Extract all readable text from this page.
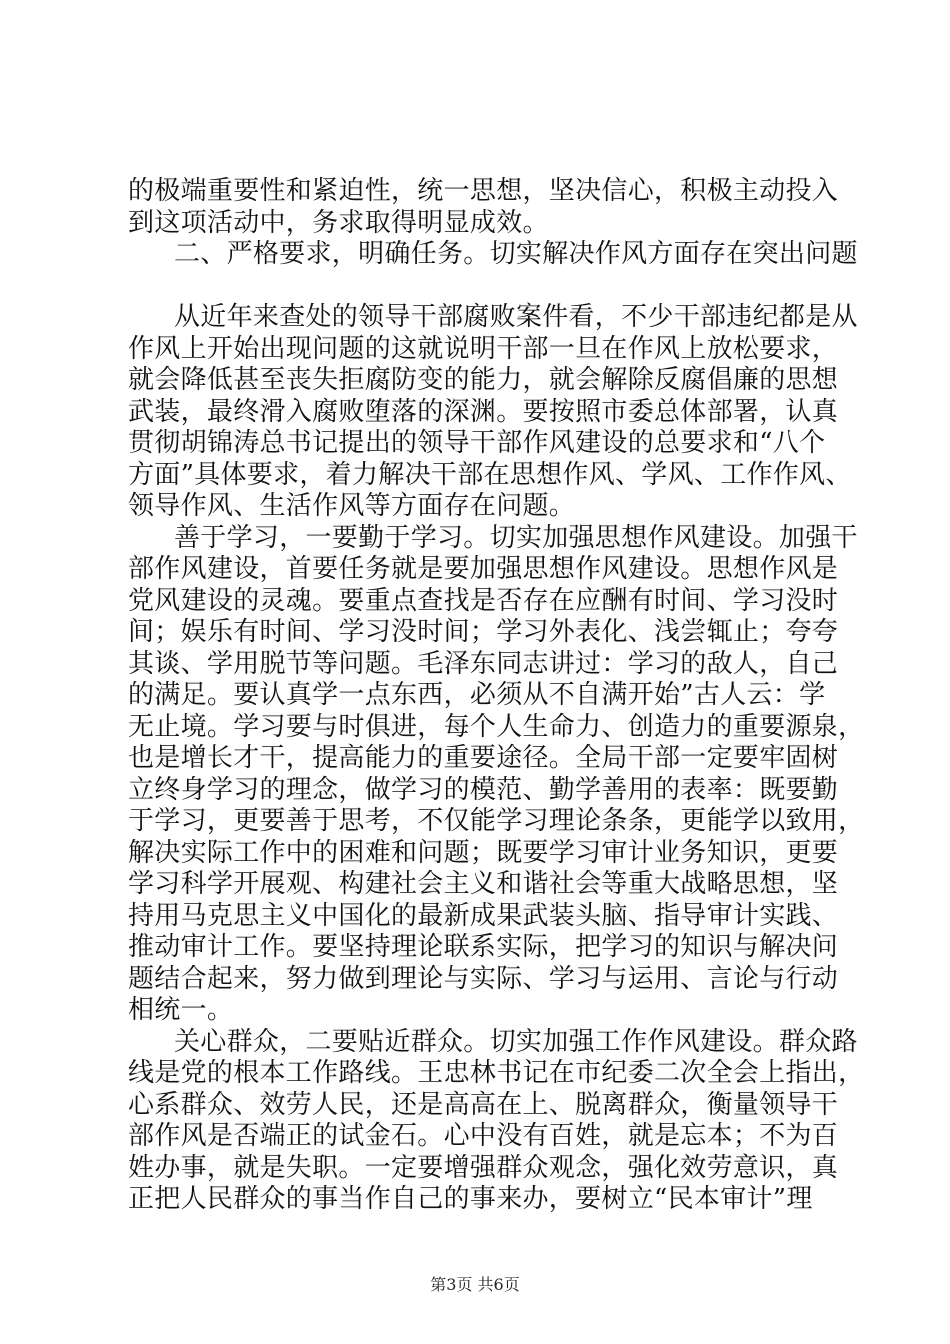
的极端重要性和紧迫性，统一思想，坚决信心，积极主动投入
到这项活动中，务求取得明显成效。
二、严格要求，明确任务。切实解决作风方面存在突出问题
从近年来查处的领导干部腐败案件看，不少干部违纪都是从
作风上开始出现问题的这就说明干部一旦在作风上放松要求，
就会降低甚至丧失拒腐防变的能力，就会解除反腐倡廉的思想
武装，最终滑入腐败堕落的深渊。要按照市委总体部署，认真
贯彻胡锦涛总书记提出的领导干部作风建设的总要求和“八个
方面”具体要求，着力解决干部在思想作风、学风、工作作风、
领导作风、生活作风等方面存在问题。
善于学习，一要勤于学习。切实加强思想作风建设。加强干
部作风建设，首要任务就是要加强思想作风建设。思想作风是
党风建设的灵魂。要重点查找是否存在应酬有时间、学习没时
间；娱乐有时间、学习没时间；学习外表化、浅尝辄止；夸夸
其谈、学用脱节等问题。毛泽东同志讲过：学习的敌人，自己
的满足。要认真学一点东西，必须从不自满开始”古人云：学
无止境。学习要与时俱进，每个人生命力、创造力的重要源泉，
也是增长才干，提高能力的重要途径。全局干部一定要牢固树
立终身学习的理念，做学习的模范、勤学善用的表率：既要勤
于学习，更要善于思考，不仅能学习理论条条，更能学以致用，
解决实际工作中的困难和问题；既要学习审计业务知识，更要
学习科学开展观、构建社会主义和谐社会等重大战略思想，坚
持用马克思主义中国化的最新成果武装头脑、指导审计实践、
推动审计工作。要坚持理论联系实际，把学习的知识与解决问
题结合起来，努力做到理论与实际、学习与运用、言论与行动
相统一。
关心群众，二要贴近群众。切实加强工作作风建设。群众路
线是党的根本工作路线。王忠林书记在市纪委二次全会上指出，
心系群众、效劳人民，还是高高在上、脱离群众，衡量领导干
部作风是否端正的试金石。心中没有百姓，就是忘本；不为百
姓办事，就是失职。一定要增强群众观念，强化效劳意识，真
正把人民群众的事当作自己的事来办，要树立“民本审计”理
第3页 共6页
